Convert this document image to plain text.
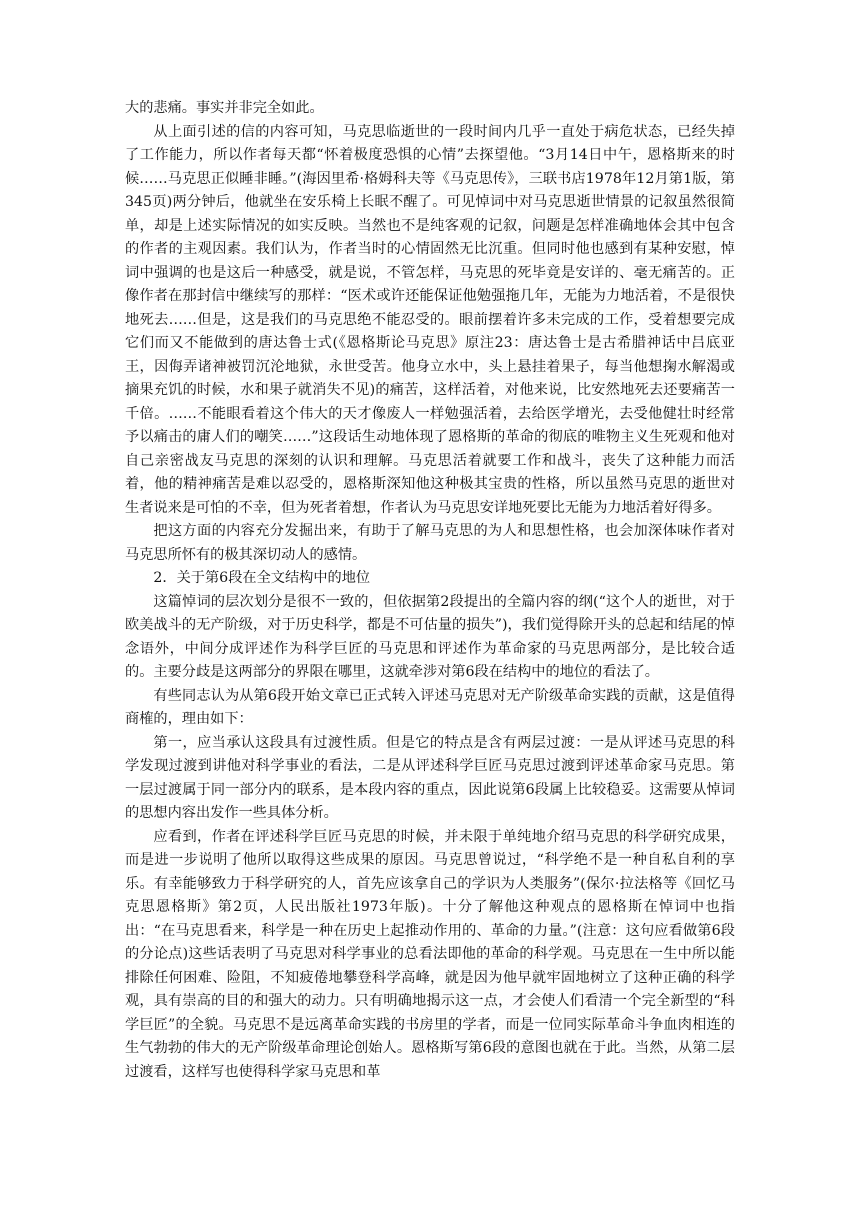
大的悲痛。事实并非完全如此。

从上面引述的信的内容可知，马克思临逝世的一段时间内几乎一直处于病危状态，已经失掉了工作能力，所以作者每天都“怀着极度恐惧的心情”去探望他。“3月14日中午，恩格斯来的时候……马克思正似睡非睡。”(海因里希·格姆科夫等《马克思传》，三联书店1978年12月第1版，第345页)两分钟后，他就坐在安乐椅上长眠不醒了。可见悼词中对马克思逝世情景的记叙虽然很简单，却是上述实际情况的如实反映。当然也不是纯客观的记叙，问题是怎样准确地体会其中包含的作者的主观因素。我们认为，作者当时的心情固然无比沉重。但同时他也感到有某种安慰，悼词中强调的也是这后一种感受，就是说，不管怎样，马克思的死毕竟是安详的、毫无痛苦的。正像作者在那封信中继续写的那样：“医术或许还能保证他勉强拖几年，无能为力地活着，不是很快地死去……但是，这是我们的马克思绝不能忍受的。眼前摆着许多未完成的工作，受着想要完成它们而又不能做到的唐达鲁士式(《恩格斯论马克思》原注23：唐达鲁士是古希腊神话中吕底亚王，因侮弄诸神被罚沉沦地狱，永世受苦。他身立水中，头上悬挂着果子，每当他想掬水解渴或摘果充饥的时候，水和果子就消失不见)的痛苦，这样活着，对他来说，比安然地死去还要痛苦一千倍。……不能眼看着这个伟大的天才像废人一样勉强活着，去给医学增光，去受他健壮时经常予以痛击的庸人们的嘲笑……”这段话生动地体现了恩格斯的革命的彻底的唯物主义生死观和他对自己亲密战友马克思的深刻的认识和理解。马克思活着就要工作和战斗，丧失了这种能力而活着，他的精神痛苦是难以忍受的，恩格斯深知他这种极其宝贵的性格，所以虽然马克思的逝世对生者说来是可怕的不幸，但为死者着想，作者认为马克思安详地死要比无能为力地活着好得多。

把这方面的内容充分发掘出来，有助于了解马克思的为人和思想性格，也会加深体味作者对马克思所怀有的极其深切动人的感情。

2．关于第6段在全文结构中的地位

这篇悼词的层次划分是很不一致的，但依据第2段提出的全篇内容的纲(“这个人的逝世，对于欧美战斗的无产阶级，对于历史科学，都是不可估量的损失”)，我们觉得除开头的总起和结尾的悼念语外，中间分成评述作为科学巨匠的马克思和评述作为革命家的马克思两部分，是比较合适的。主要分歧是这两部分的界限在哪里，这就牵涉对第6段在结构中的地位的看法了。

有些同志认为从第6段开始文章已正式转入评述马克思对无产阶级革命实践的贡献，这是值得商榷的，理由如下：

第一，应当承认这段具有过渡性质。但是它的特点是含有两层过渡：一是从评述马克思的科学发现过渡到讲他对科学事业的看法，二是从评述科学巨匠马克思过渡到评述革命家马克思。第一层过渡属于同一部分内的联系，是本段内容的重点，因此说第6段属上比较稳妥。这需要从悼词的思想内容出发作一些具体分析。

应看到，作者在评述科学巨匠马克思的时候，并未限于单纯地介绍马克思的科学研究成果，而是进一步说明了他所以取得这些成果的原因。马克思曾说过，“科学绝不是一种自私自利的享乐。有幸能够致力于科学研究的人，首先应该拿自己的学识为人类服务”(保尔·拉法格等《回忆马克思恩格斯》第2页，人民出版社1973年版)。十分了解他这种观点的恩格斯在悼词中也指出：“在马克思看来，科学是一种在历史上起推动作用的、革命的力量。”(注意：这句应看做第6段的分论点)这些话表明了马克思对科学事业的总看法即他的革命的科学观。马克思在一生中所以能排除任何困难、险阻，不知疲倦地攀登科学高峰，就是因为他早就牢固地树立了这种正确的科学观，具有崇高的目的和强大的动力。只有明确地揭示这一点，才会使人们看清一个完全新型的“科学巨匠”的全貌。马克思不是远离革命实践的书房里的学者，而是一位同实际革命斗争血肉相连的生气勃勃的伟大的无产阶级革命理论创始人。恩格斯写第6段的意图也就在于此。当然，从第二层过渡看，这样写也使得科学家马克思和革
